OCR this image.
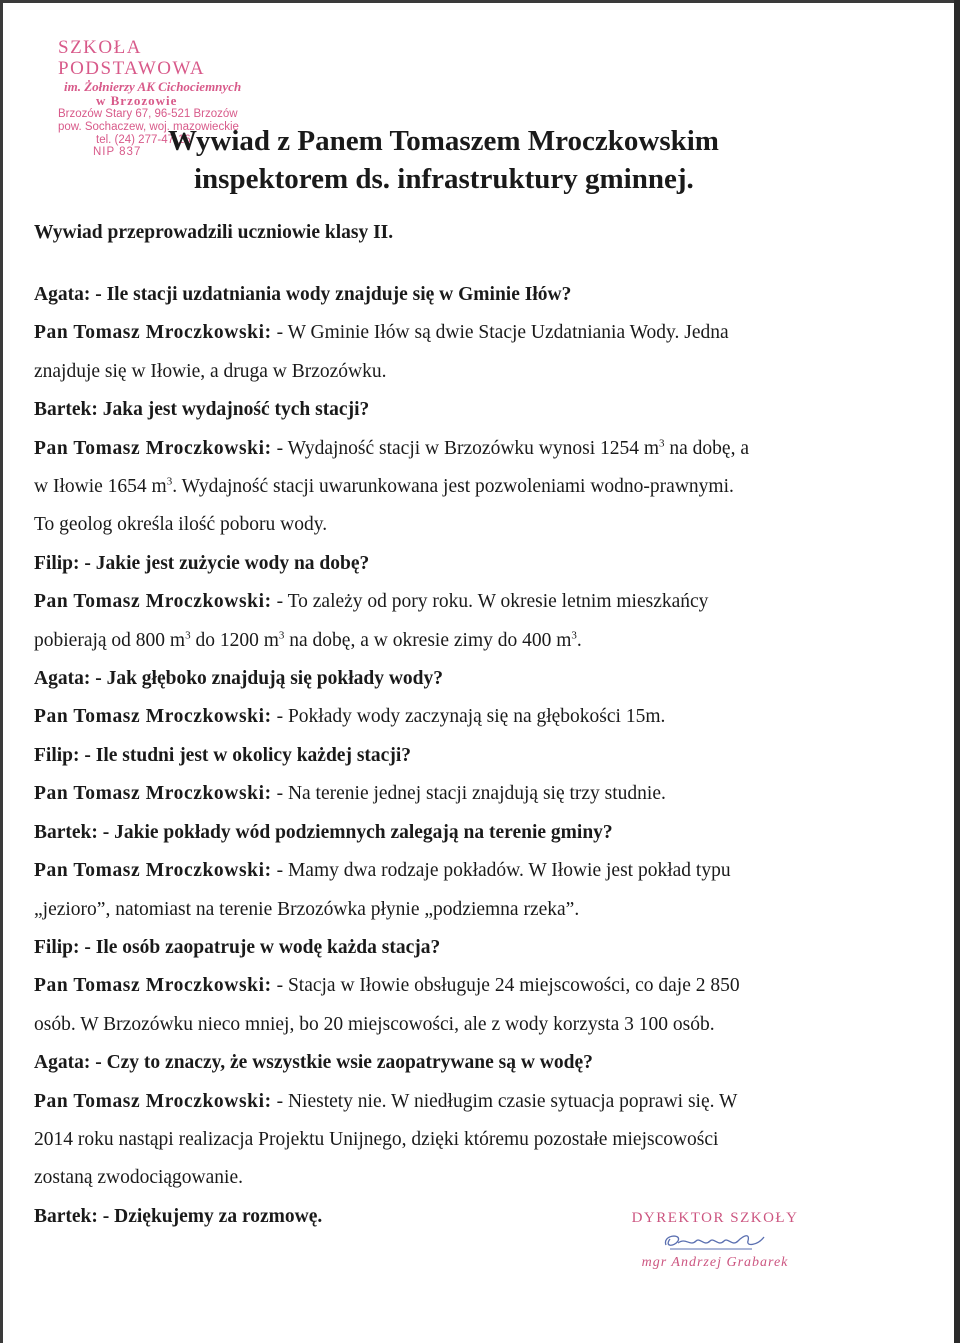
SZKOŁA PODSTAWOWA
im. Żołnierzy AK Cichociemnych
w Brzozowie
Brzozów Stary 67, 96-521 Brzozów
pow. Sochaczew, woj. mazowieckie
tel. (24) 277-47-16
NIP 837 Wywiad z Panem Tomaszem Mroczkowskim
inspektorem ds. infrastruktury gminnej.
Wywiad przeprowadzili uczniowie klasy II.

Agata: - Ile stacji uzdatniania wody znajduje się w Gminie Iłów?

Pan Tomasz Mroczkowski: - W Gminie Iłów są dwie Stacje Uzdatniania Wody. Jedna

znajduje się w Iłowie, a druga w Brzozówku.

Bartek: Jaka jest wydajność tych stacji?

Pan Tomasz Mroczkowski: - Wydajność stacji w Brzozówku wynosi 1254 $m^3$ na dobę, a

w Iłowie 1654 $m^3$. Wydajność stacji uwarunkowana jest pozwoleniami wodno-prawnymi.

To geolog określa ilość poboru wody.

Filip: - Jakie jest zużycie wody na dobę?

Pan Tomasz Mroczkowski: - To zależy od pory roku. W okresie letnim mieszkańcy

pobierają od 800 $m^3$ do 1200 $m^3$ na dobę, a w okresie zimy do 400 $m^3$.

Agata: - Jak głęboko znajdują się pokłady wody?

Pan Tomasz Mroczkowski: - Pokłady wody zaczynają się na głębokości 15m.

Filip: - Ile studni jest w okolicy każdej stacji?

Pan Tomasz Mroczkowski: - Na terenie jednej stacji znajdują się trzy studnie.

Bartek: - Jakie pokłady wód podziemnych zalegają na terenie gminy?

Pan Tomasz Mroczkowski: - Mamy dwa rodzaje pokładów. W Iłowie jest pokład typu

„jezioro”, natomiast na terenie Brzozówka płynie „podziemna rzeka”.

Filip: - Ile osób zaopatruje w wodę każda stacja?

Pan Tomasz Mroczkowski: - Stacja w Iłowie obsługuje 24 miejscowości, co daje 2 850

osób. W Brzozówku nieco mniej, bo 20 miejscowości, ale z wody korzysta 3 100 osób.

Agata: - Czy to znaczy, że wszystkie wsie zaopatrywane są w wodę?

Pan Tomasz Mroczkowski: - Niestety nie. W niedługim czasie sytuacja poprawi się. W

2014 roku nastąpi realizacja Projektu Unijnego, dzięki któremu pozostałe miejscowości

zostaną zwodociągowanie.

Bartek: - Dziękujemy za rozmowę.	DYREKTOR SZKOŁY
mgr Andrzej Grabarek
